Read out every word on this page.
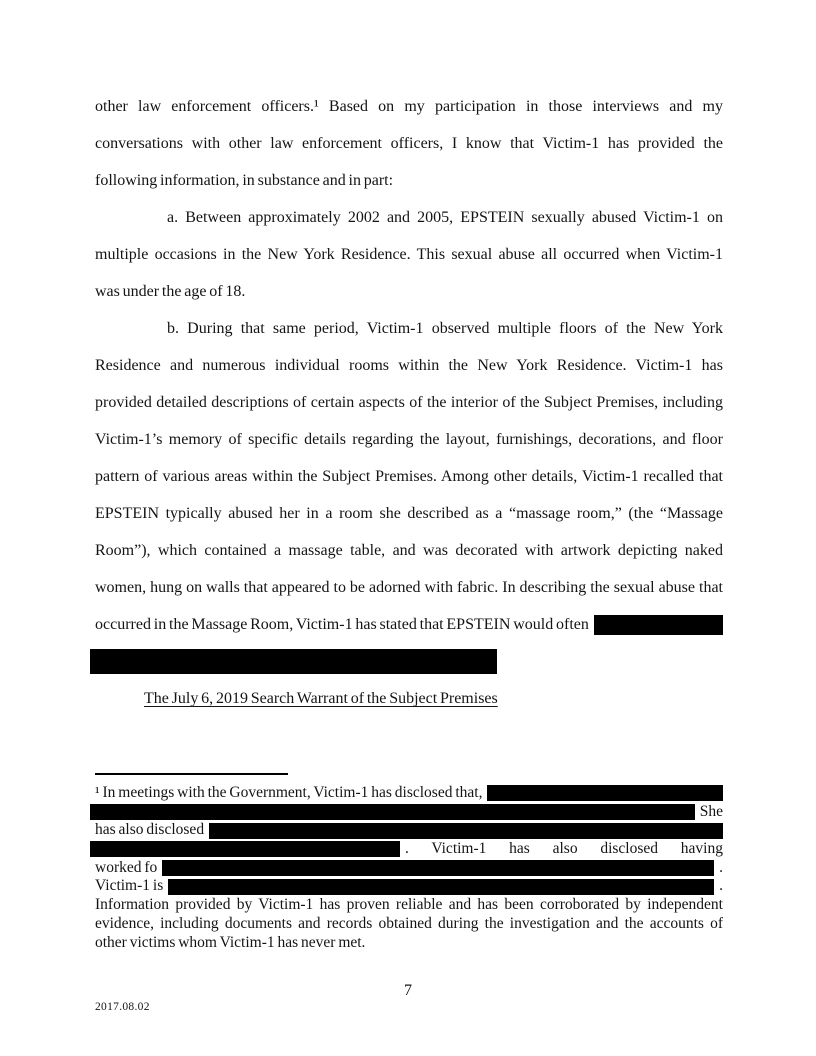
other law enforcement officers.¹ Based on my participation in those interviews and my
conversations with other law enforcement officers, I know that Victim-1 has provided the
following information, in substance and in part:
a. Between approximately 2002 and 2005, EPSTEIN sexually abused Victim-1 on
multiple occasions in the New York Residence. This sexual abuse all occurred when Victim-1
was under the age of 18.
b. During that same period, Victim-1 observed multiple floors of the New York
Residence and numerous individual rooms within the New York Residence. Victim-1 has
provided detailed descriptions of certain aspects of the interior of the Subject Premises, including
Victim-1’s memory of specific details regarding the layout, furnishings, decorations, and floor
pattern of various areas within the Subject Premises. Among other details, Victim-1 recalled that
EPSTEIN typically abused her in a room she described as a “massage room,” (the “Massage
Room”), which contained a massage table, and was decorated with artwork depicting naked
women, hung on walls that appeared to be adorned with fabric. In describing the sexual abuse that
occurred in the Massage Room, Victim-1 has stated that EPSTEIN would often
The July 6, 2019 Search Warrant of the Subject Premises
¹ In meetings with the Government, Victim-1 has disclosed that,
She
has also disclosed
. Victim-1 has also disclosed having
worked fo	.
Victim-1 is	.
Information provided by Victim-1 has proven reliable and has been corroborated by independent
evidence, including documents and records obtained during the investigation and the accounts of
other victims whom Victim-1 has never met.
7
2017.08.02
